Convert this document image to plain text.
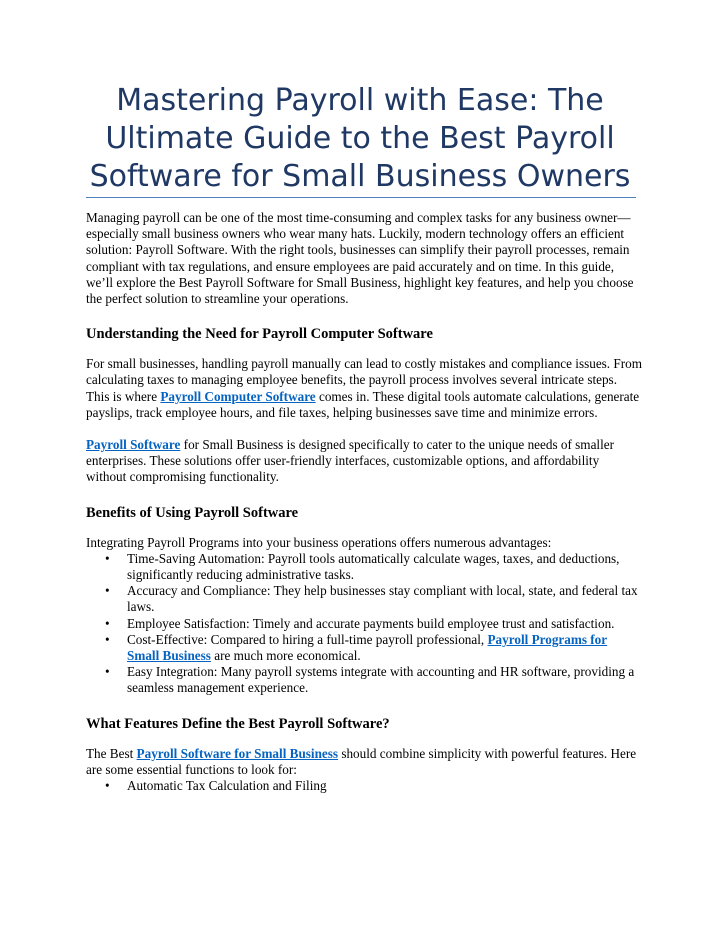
Mastering Payroll with Ease: The
Ultimate Guide to the Best Payroll
Software for Small Business Owners

Managing payroll can be one of the most time-consuming and complex tasks for any business owner—especially small business owners who wear many hats. Luckily, modern technology offers an efficient solution: Payroll Software. With the right tools, businesses can simplify their payroll processes, remain compliant with tax regulations, and ensure employees are paid accurately and on time. In this guide, we’ll explore the Best Payroll Software for Small Business, highlight key features, and help you choose the perfect solution to streamline your operations.

Understanding the Need for Payroll Computer Software

For small businesses, handling payroll manually can lead to costly mistakes and compliance issues. From calculating taxes to managing employee benefits, the payroll process involves several intricate steps. This is where Payroll Computer Software comes in. These digital tools automate calculations, generate payslips, track employee hours, and file taxes, helping businesses save time and minimize errors.

Payroll Software for Small Business is designed specifically to cater to the unique needs of smaller enterprises. These solutions offer user-friendly interfaces, customizable options, and affordability without compromising functionality.

Benefits of Using Payroll Software

Integrating Payroll Programs into your business operations offers numerous advantages:

• Time-Saving Automation: Payroll tools automatically calculate wages, taxes, and deductions, significantly reducing administrative tasks.
• Accuracy and Compliance: They help businesses stay compliant with local, state, and federal tax laws.
• Employee Satisfaction: Timely and accurate payments build employee trust and satisfaction.
• Cost-Effective: Compared to hiring a full-time payroll professional, Payroll Programs for Small Business are much more economical.
• Easy Integration: Many payroll systems integrate with accounting and HR software, providing a seamless management experience.
What Features Define the Best Payroll Software?

The Best Payroll Software for Small Business should combine simplicity with powerful features. Here are some essential functions to look for:

• Automatic Tax Calculation and Filing
